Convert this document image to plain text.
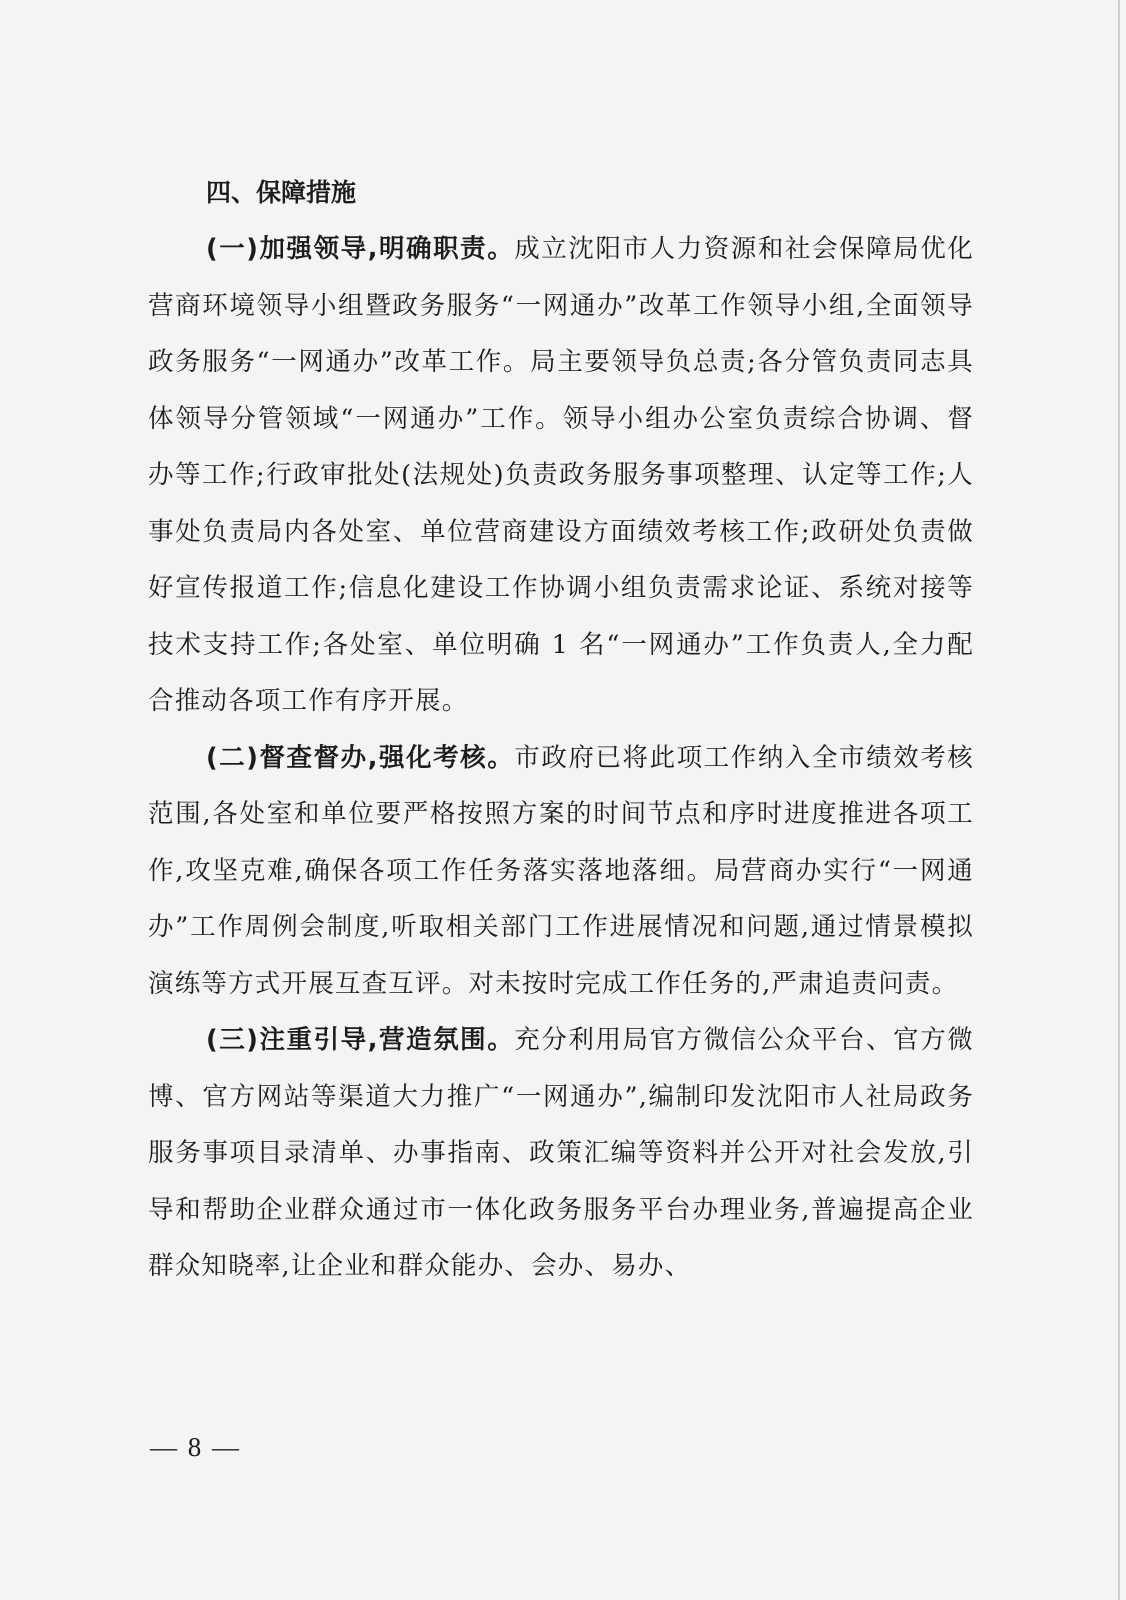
四、保障措施

(一)加强领导,明确职责。成立沈阳市人力资源和社会保障局优化营商环境领导小组暨政务服务“一网通办”改革工作领导小组,全面领导政务服务“一网通办”改革工作。局主要领导负总责;各分管负责同志具体领导分管领域“一网通办”工作。领导小组办公室负责综合协调、督办等工作;行政审批处(法规处)负责政务服务事项整理、认定等工作;人事处负责局内各处室、单位营商建设方面绩效考核工作;政研处负责做好宣传报道工作;信息化建设工作协调小组负责需求论证、系统对接等技术支持工作;各处室、单位明确 1 名“一网通办”工作负责人,全力配合推动各项工作有序开展。

(二)督查督办,强化考核。市政府已将此项工作纳入全市绩效考核范围,各处室和单位要严格按照方案的时间节点和序时进度推进各项工作,攻坚克难,确保各项工作任务落实落地落细。局营商办实行“一网通办”工作周例会制度,听取相关部门工作进展情况和问题,通过情景模拟演练等方式开展互查互评。对未按时完成工作任务的,严肃追责问责。

(三)注重引导,营造氛围。充分利用局官方微信公众平台、官方微博、官方网站等渠道大力推广“一网通办”,编制印发沈阳市人社局政务服务事项目录清单、办事指南、政策汇编等资料并公开对社会发放,引导和帮助企业群众通过市一体化政务服务平台办理业务,普遍提高企业群众知晓率,让企业和群众能办、会办、易办、

— 8 —
